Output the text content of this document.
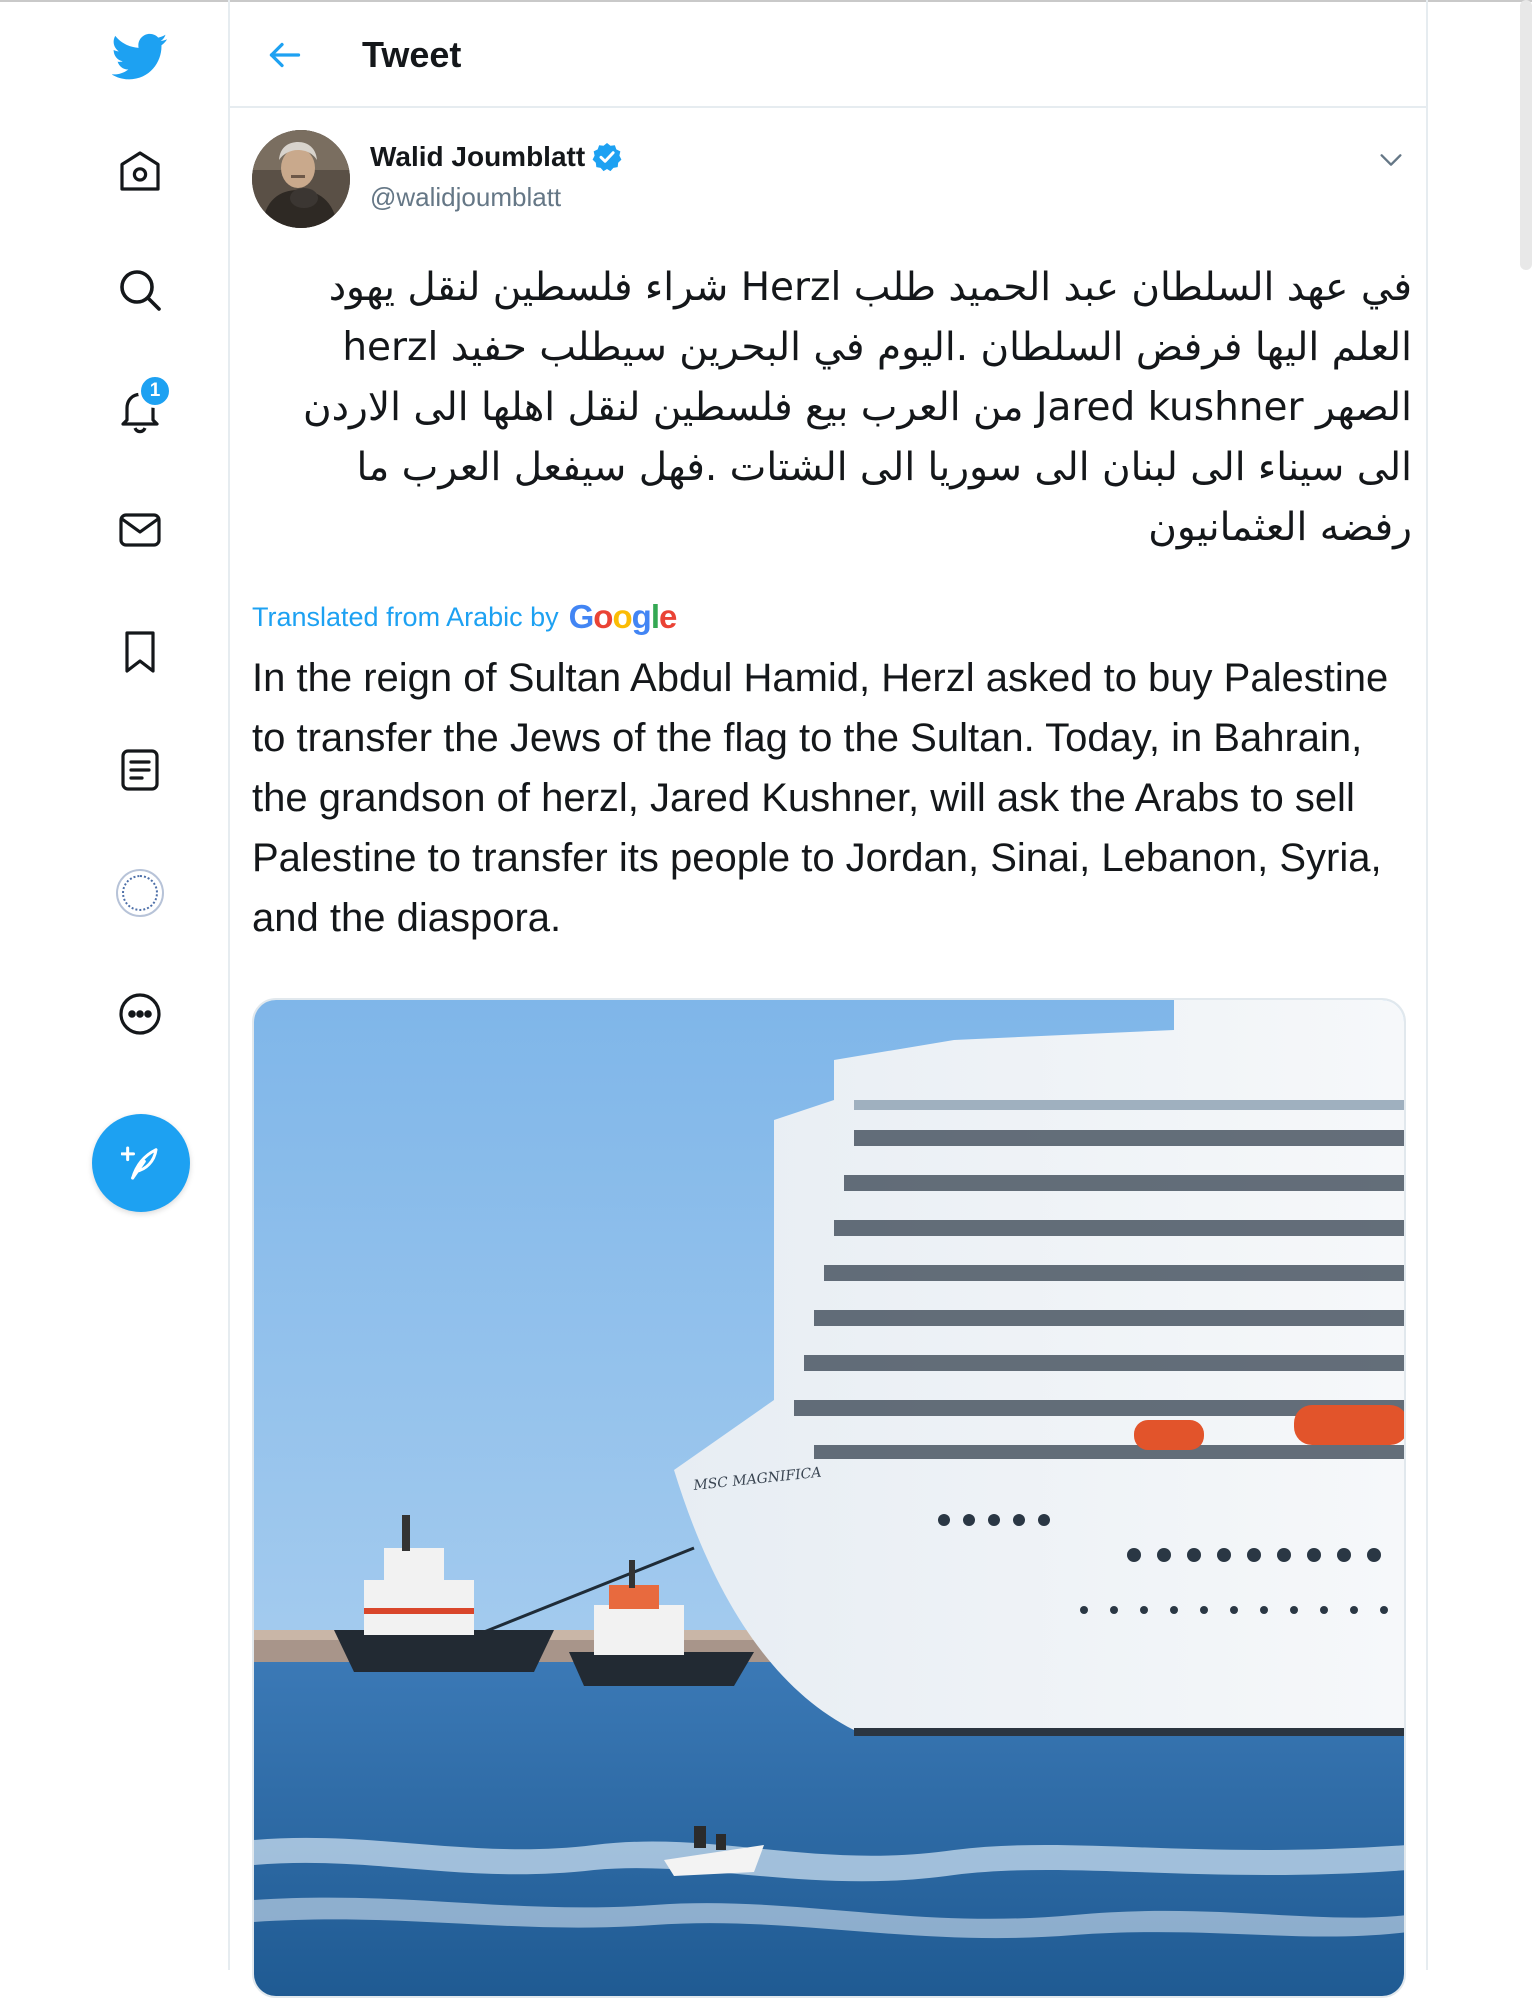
1
Tweet
Walid Joumblatt
@walidjoumblatt
في عهد السلطان عبد الحميد طلب Herzl شراء فلسطين لنقل يهود العلم اليها فرفض السلطان .اليوم في البحرين سيطلب حفيد herzl الصهر Jared kushner من العرب بيع فلسطين لنقل اهلها الى الاردن الى سيناء الى لبنان الى سوريا الى الشتات .فهل سيفعل العرب ما رفضه العثمانيون
Translated from Arabic by Google
In the reign of Sultan Abdul Hamid, Herzl asked to buy Palestine to transfer the Jews of the flag to the Sultan. Today, in Bahrain, the grandson of herzl, Jared Kushner, will ask the Arabs to sell Palestine to transfer its people to Jordan, Sinai, Lebanon, Syria, and the diaspora.
MSC MAGNIFICA
